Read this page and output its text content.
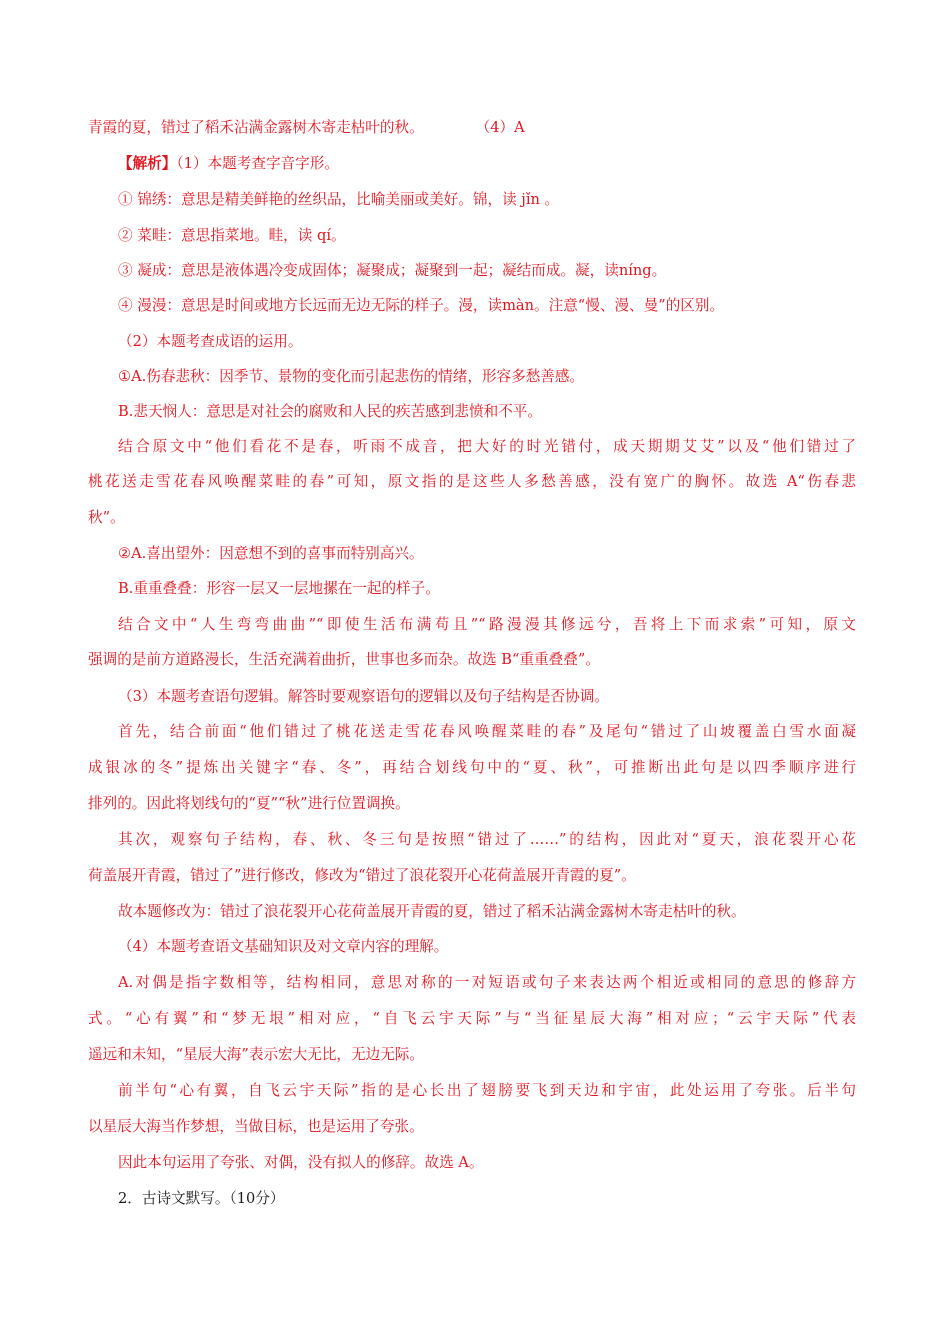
青霞的夏，错过了稻禾沾满金露树木寄走枯叶的秋。	（4）A
【解析】（1）本题考查字音字形。
① 锦绣：意思是精美鲜艳的丝织品，比喻美丽或美好。锦，读 jǐn 。
② 菜畦：意思指菜地。畦，读 qí。
③ 凝成：意思是液体遇冷变成固体；凝聚成；凝聚到一起；凝结而成。凝，读níng。
④ 漫漫：意思是时间或地方长远而无边无际的样子。漫，读màn。注意“慢、漫、曼”的区别。
（2）本题考查成语的运用。
①A.伤春悲秋：因季节、景物的变化而引起悲伤的情绪，形容多愁善感。
B.悲天悯人：意思是对社会的腐败和人民的疾苦感到悲愤和不平。
结合原文中“他们看花不是春，听雨不成音，把大好的时光错付，成天期期艾艾”以及“他们错过了
桃花送走雪花春风唤醒菜畦的春”可知，原文指的是这些人多愁善感，没有宽广的胸怀。故选 A“伤春悲
秋”。
②A.喜出望外：因意想不到的喜事而特别高兴。
B.重重叠叠：形容一层又一层地摞在一起的样子。
结合文中“人生弯弯曲曲”“即使生活布满苟且”“路漫漫其修远兮，吾将上下而求索”可知，原文
强调的是前方道路漫长，生活充满着曲折，世事也多而杂。故选 B“重重叠叠”。
（3）本题考查语句逻辑。解答时要观察语句的逻辑以及句子结构是否协调。
首先，结合前面“他们错过了桃花送走雪花春风唤醒菜畦的春”及尾句“错过了山坡覆盖白雪水面凝
成银冰的冬”提炼出关键字“春、冬”，再结合划线句中的“夏、秋”，可推断出此句是以四季顺序进行
排列的。因此将划线句的“夏”“秋”进行位置调换。
其次，观察句子结构，春、秋、冬三句是按照“错过了……”的结构，因此对“夏天，浪花裂开心花
荷盖展开青霞，错过了”进行修改，修改为“错过了浪花裂开心花荷盖展开青霞的夏”。
故本题修改为：错过了浪花裂开心花荷盖展开青霞的夏，错过了稻禾沾满金露树木寄走枯叶的秋。
（4）本题考查语文基础知识及对文章内容的理解。
A.对偶是指字数相等，结构相同，意思对称的一对短语或句子来表达两个相近或相同的意思的修辞方
式。“心有翼”和“梦无垠”相对应，“自飞云宇天际”与“当征星辰大海”相对应；“云宇天际”代表
遥远和未知，“星辰大海”表示宏大无比，无边无际。
前半句“心有翼，自飞云宇天际”指的是心长出了翅膀要飞到天边和宇宙，此处运用了夸张。后半句
以星辰大海当作梦想，当做目标，也是运用了夸张。
因此本句运用了夸张、对偶，没有拟人的修辞。故选 A。
2．古诗文默写。（10分）
